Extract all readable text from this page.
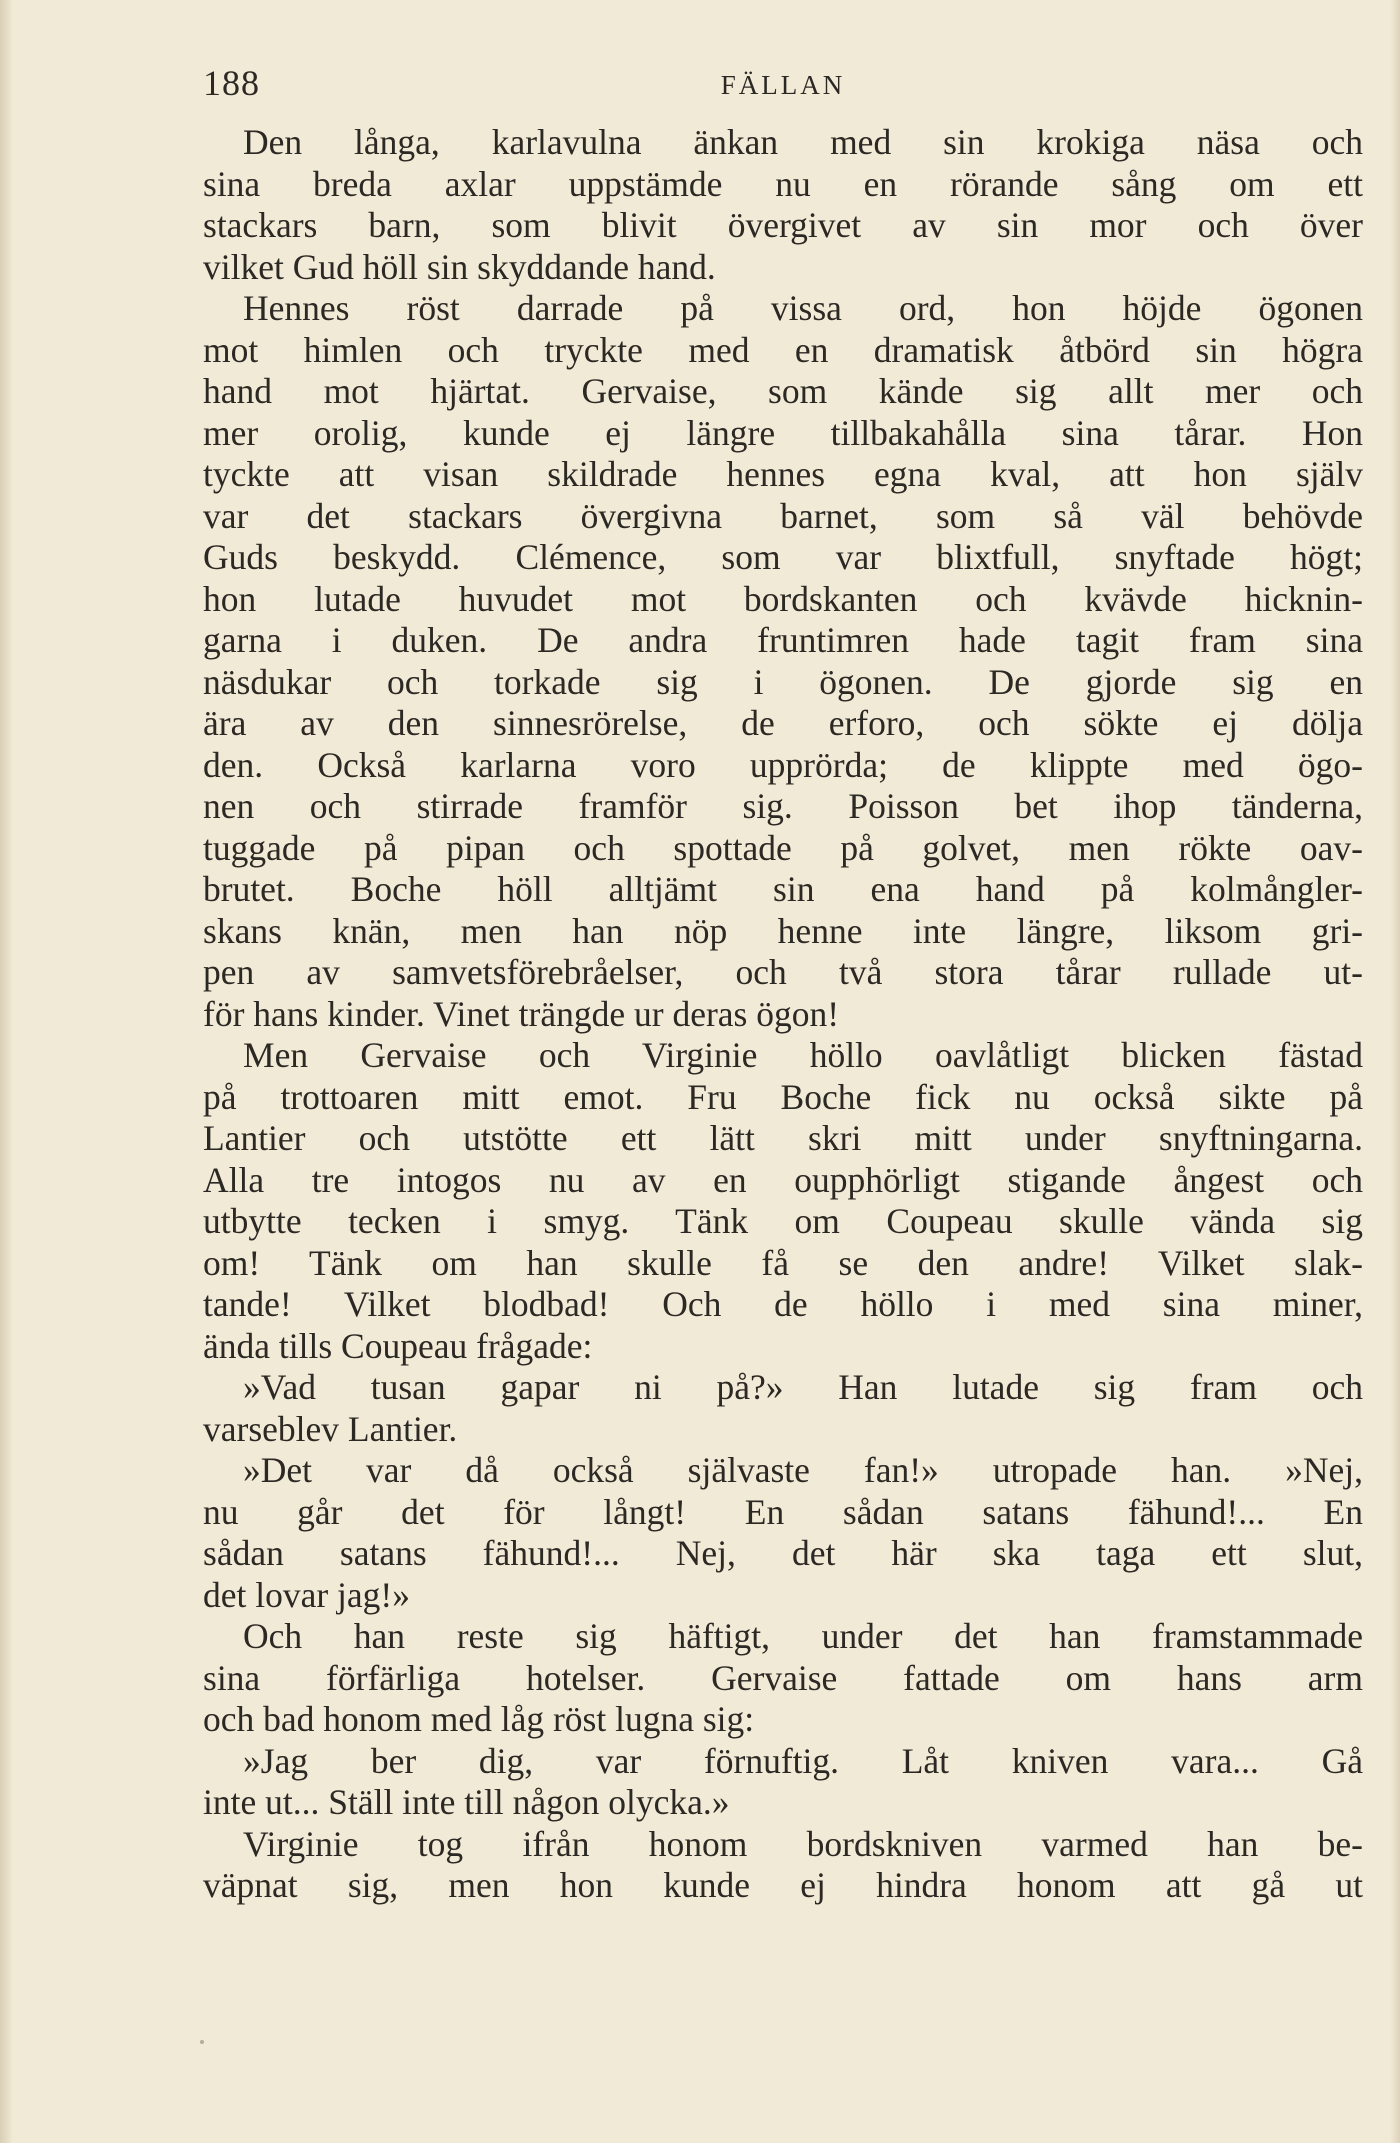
188	FÄLLAN
Den långa, karlavulna änkan med sin krokiga näsa och
sina breda axlar uppstämde nu en rörande sång om ett
stackars barn, som blivit övergivet av sin mor och över
vilket Gud höll sin skyddande hand.
Hennes röst darrade på vissa ord, hon höjde ögonen
mot himlen och tryckte med en dramatisk åtbörd sin högra
hand mot hjärtat. Gervaise, som kände sig allt mer och
mer orolig, kunde ej längre tillbakahålla sina tårar. Hon
tyckte att visan skildrade hennes egna kval, att hon själv
var det stackars övergivna barnet, som så väl behövde
Guds beskydd. Clémence, som var blixtfull, snyftade högt;
hon lutade huvudet mot bordskanten och kvävde hicknin-
garna i duken. De andra fruntimren hade tagit fram sina
näsdukar och torkade sig i ögonen. De gjorde sig en
ära av den sinnesrörelse, de erforo, och sökte ej dölja
den. Också karlarna voro upprörda; de klippte med ögo-
nen och stirrade framför sig. Poisson bet ihop tänderna,
tuggade på pipan och spottade på golvet, men rökte oav-
brutet. Boche höll alltjämt sin ena hand på kolmångler-
skans knän, men han nöp henne inte längre, liksom gri-
pen av samvetsförebråelser, och två stora tårar rullade ut-
för hans kinder. Vinet trängde ur deras ögon!
Men Gervaise och Virginie höllo oavlåtligt blicken fästad
på trottoaren mitt emot. Fru Boche fick nu också sikte på
Lantier och utstötte ett lätt skri mitt under snyftningarna.
Alla tre intogos nu av en oupphörligt stigande ångest och
utbytte tecken i smyg. Tänk om Coupeau skulle vända sig
om! Tänk om han skulle få se den andre! Vilket slak-
tande! Vilket blodbad! Och de höllo i med sina miner,
ända tills Coupeau frågade:
»Vad tusan gapar ni på?» Han lutade sig fram och
varseblev Lantier.
»Det var då också självaste fan!» utropade han. »Nej,
nu går det för långt! En sådan satans fähund!... En
sådan satans fähund!... Nej, det här ska taga ett slut,
det lovar jag!»
Och han reste sig häftigt, under det han framstammade
sina förfärliga hotelser. Gervaise fattade om hans arm
och bad honom med låg röst lugna sig:
»Jag ber dig, var förnuftig. Låt kniven vara... Gå
inte ut... Ställ inte till någon olycka.»
Virginie tog ifrån honom bordskniven varmed han be-
väpnat sig, men hon kunde ej hindra honom att gå ut
